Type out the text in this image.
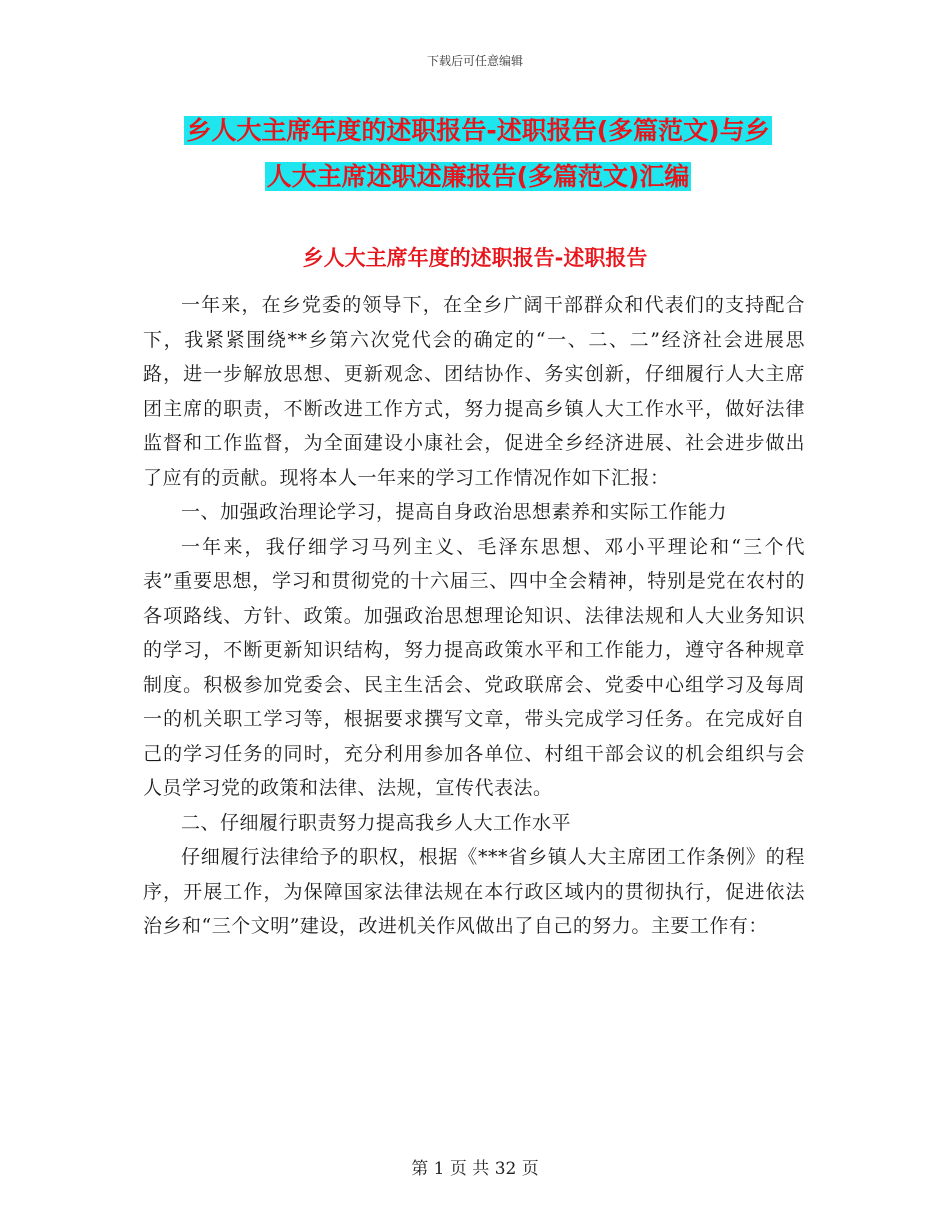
下载后可任意编辑
乡人大主席年度的述职报告-述职报告(多篇范文)与乡
人大主席述职述廉报告(多篇范文)汇编
乡人大主席年度的述职报告-述职报告

一年来，在乡党委的领导下，在全乡广阔干部群众和代表们的支持配合下，我紧紧围绕**乡第六次党代会的确定的“一、二、二”经济社会进展思路，进一步解放思想、更新观念、团结协作、务实创新，仔细履行人大主席团主席的职责，不断改进工作方式，努力提高乡镇人大工作水平，做好法律监督和工作监督，为全面建设小康社会，促进全乡经济进展、社会进步做出了应有的贡献。现将本人一年来的学习工作情况作如下汇报：

一、加强政治理论学习，提高自身政治思想素养和实际工作能力

一年来，我仔细学习马列主义、毛泽东思想、邓小平理论和“三个代表”重要思想，学习和贯彻党的十六届三、四中全会精神，特别是党在农村的各项路线、方针、政策。加强政治思想理论知识、法律法规和人大业务知识的学习，不断更新知识结构，努力提高政策水平和工作能力，遵守各种规章制度。积极参加党委会、民主生活会、党政联席会、党委中心组学习及每周一的机关职工学习等，根据要求撰写文章，带头完成学习任务。在完成好自己的学习任务的同时，充分利用参加各单位、村组干部会议的机会组织与会人员学习党的政策和法律、法规，宣传代表法。

二、仔细履行职责努力提高我乡人大工作水平

仔细履行法律给予的职权，根据《***省乡镇人大主席团工作条例》的程序，开展工作，为保障国家法律法规在本行政区域内的贯彻执行，促进依法治乡和“三个文明”建设，改进机关作风做出了自己的努力。主要工作有：

第 1 页 共 32 页
